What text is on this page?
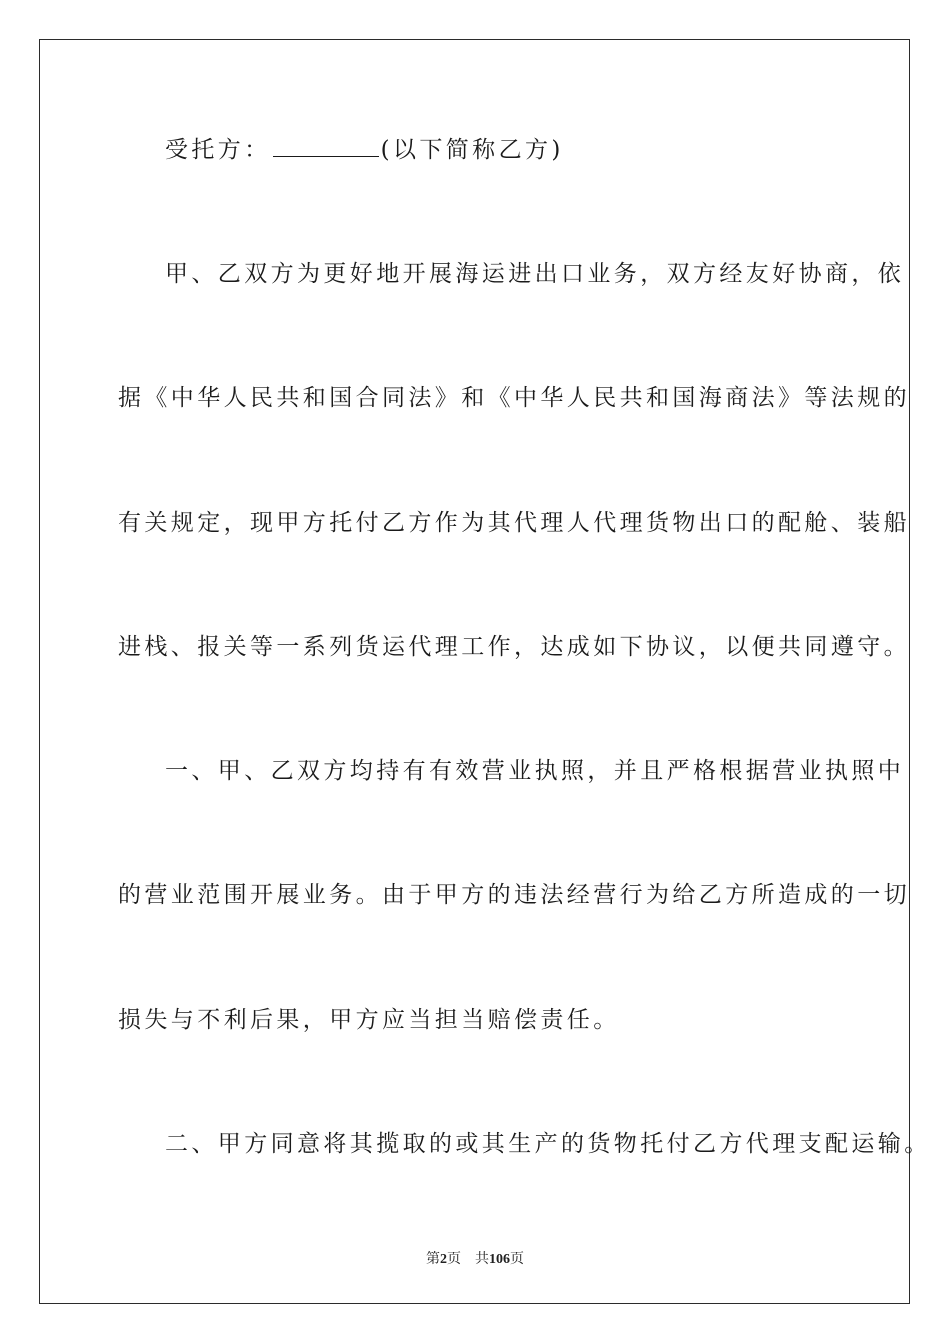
受托方：	(以下简称乙方)
甲、乙双方为更好地开展海运进出口业务，双方经友好协商，依
据《中华人民共和国合同法》和《中华人民共和国海商法》等法规的
有关规定，现甲方托付乙方作为其代理人代理货物出口的配舱、装船
进栈、报关等一系列货运代理工作，达成如下协议，以便共同遵守。
一、甲、乙双方均持有有效营业执照，并且严格根据营业执照中
的营业范围开展业务。由于甲方的违法经营行为给乙方所造成的一切
损失与不利后果，甲方应当担当赔偿责任。
二、甲方同意将其揽取的或其生产的货物托付乙方代理支配运输。
第2页 共106页
